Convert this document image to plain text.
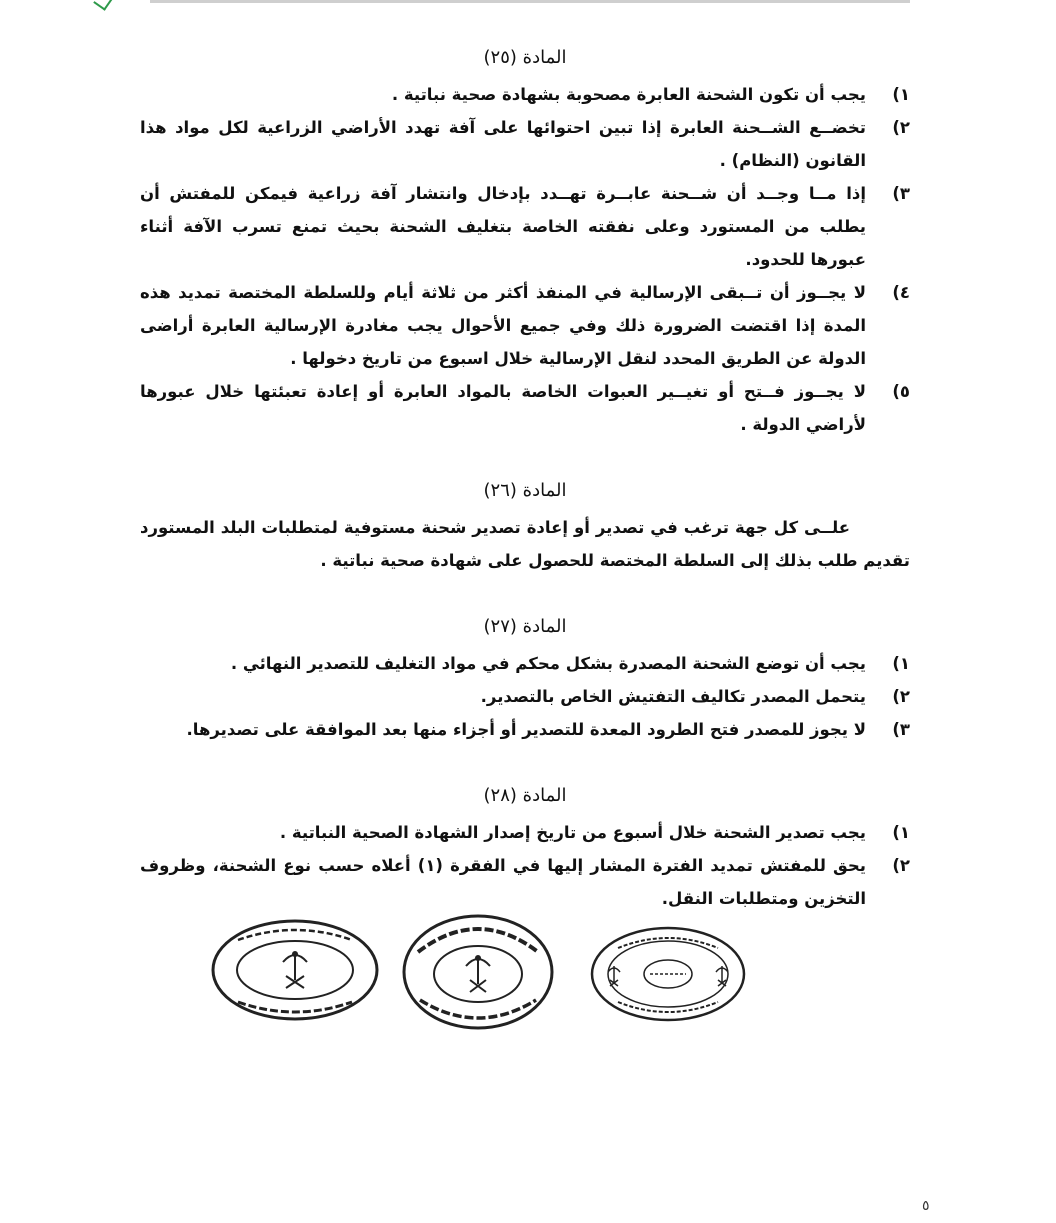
المادة (٢٥)
١)
يجب أن تكون الشحنة العابرة مصحوبة بشهادة صحية نباتية .
٢)
تخضــع الشــحنة العابرة إذا تبين احتوائها على آفة تهدد الأراضي الزراعية لكل مواد هذا القانون (النظام) .
٣)
إذا مــا وجــد أن شــحنة عابــرة تهــدد بإدخال وانتشار آفة زراعية فيمكن للمفتش أن يطلب من المستورد وعلى نفقته الخاصة بتغليف الشحنة بحيث تمنع تسرب الآفة أثناء عبورها للحدود.
٤)
لا يجــوز أن تــبقى الإرسالية في المنفذ أكثر من ثلاثة أيام وللسلطة المختصة تمديد هذه المدة إذا اقتضت الضرورة ذلك وفي جميع الأحوال يجب مغادرة الإرسالية العابرة أراضى الدولة عن الطريق المحدد لنقل الإرسالية خلال اسبوع من تاريخ دخولها .
٥)
لا يجــوز فــتح أو تغيــير العبوات الخاصة بالمواد العابرة أو إعادة تعبئتها خلال عبورها لأراضي الدولة .
المادة (٢٦)
علــى كل جهة ترغب في تصدير أو إعادة تصدير شحنة مستوفية لمتطلبات البلد المستورد تقديم طلب بذلك إلى السلطة المختصة للحصول على شهادة صحية نباتية .
المادة (٢٧)
١)
يجب أن توضع الشحنة المصدرة بشكل محكم في مواد التغليف للتصدير النهائي .
٢)
يتحمل المصدر تكاليف التفتيش الخاص بالتصدير.
٣)
لا يجوز للمصدر فتح الطرود المعدة للتصدير أو أجزاء منها بعد الموافقة على تصديرها.
المادة (٢٨)
١)
يجب تصدير الشحنة خلال أسبوع من تاريخ إصدار الشهادة الصحية النباتية .
٢)
يحق للمفتش تمديد الفترة المشار إليها في الفقرة (١) أعلاه حسب نوع الشحنة، وظروف التخزين ومتطلبات النقل.
٥
